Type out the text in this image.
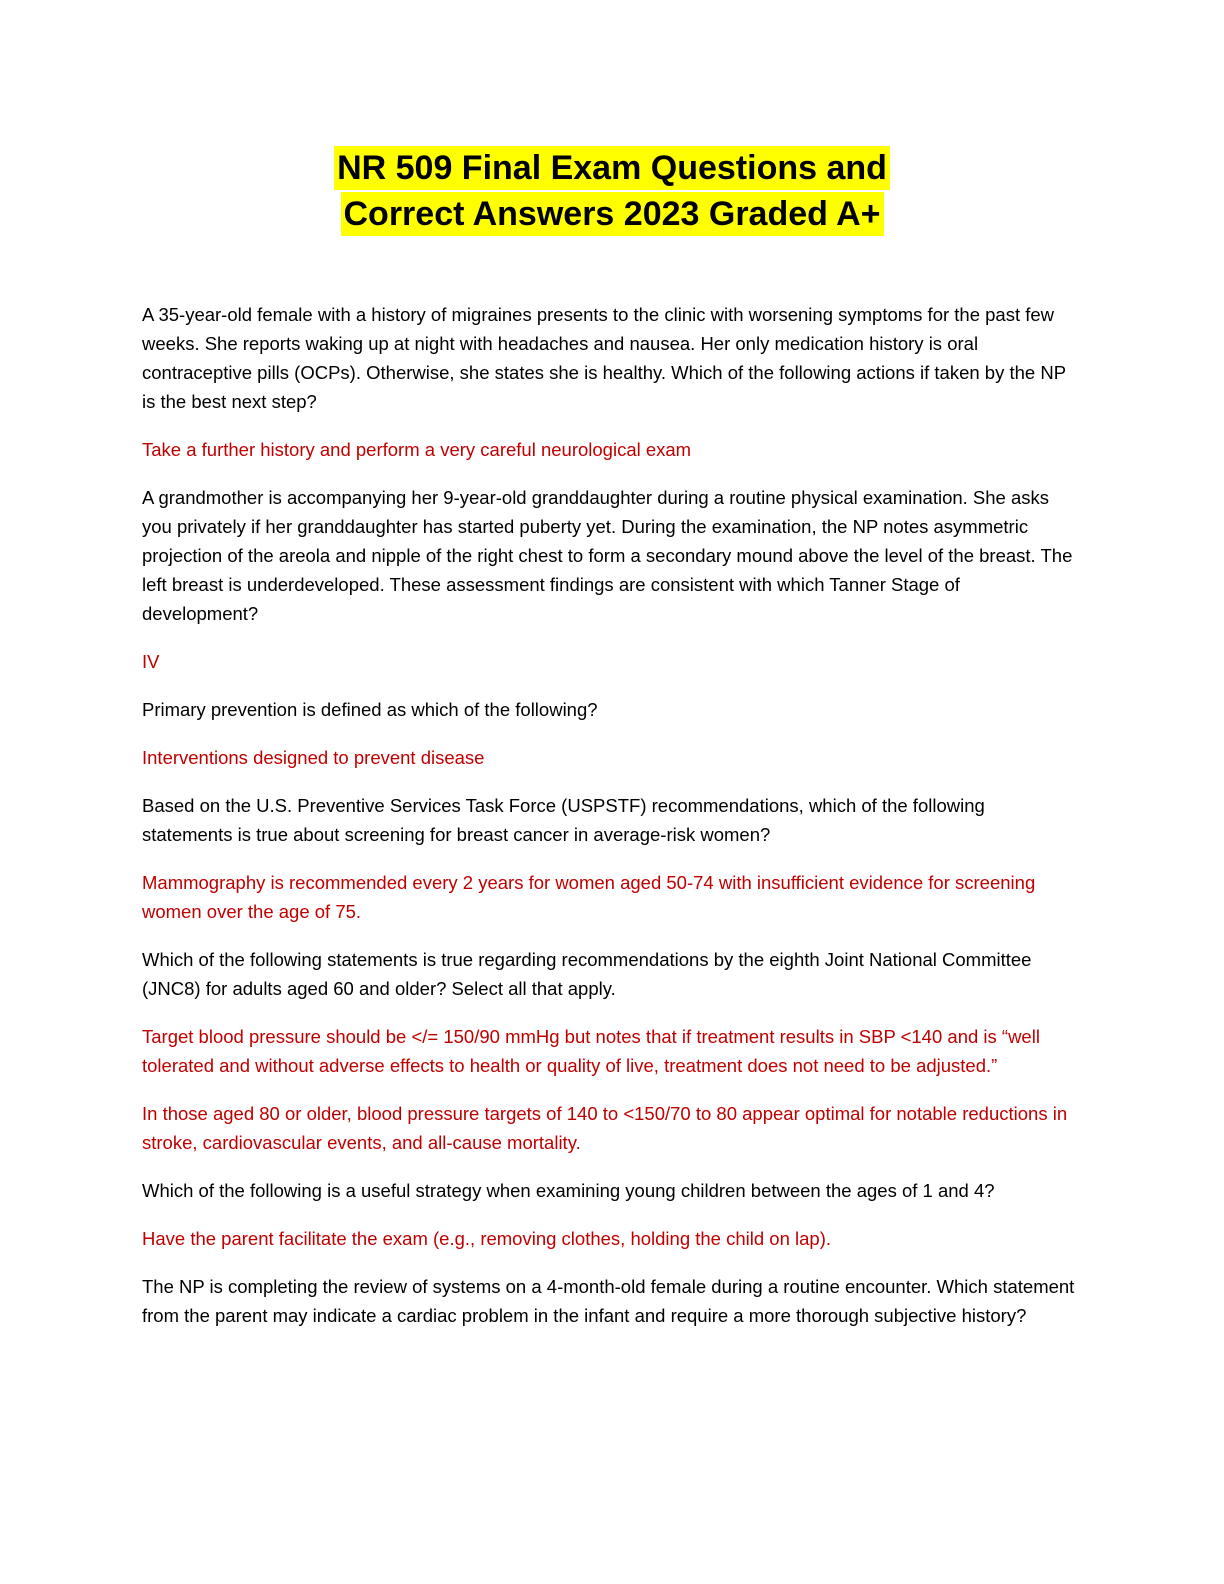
NR 509 Final Exam Questions and
Correct Answers 2023 Graded A+

A 35-year-old female with a history of migraines presents to the clinic with worsening symptoms for the past few weeks. She reports waking up at night with headaches and nausea. Her only medication history is oral contraceptive pills (OCPs). Otherwise, she states she is healthy. Which of the following actions if taken by the NP is the best next step?

Take a further history and perform a very careful neurological exam

A grandmother is accompanying her 9-year-old granddaughter during a routine physical examination. She asks you privately if her granddaughter has started puberty yet. During the examination, the NP notes asymmetric projection of the areola and nipple of the right chest to form a secondary mound above the level of the breast. The left breast is underdeveloped. These assessment findings are consistent with which Tanner Stage of development?

IV

Primary prevention is defined as which of the following?

Interventions designed to prevent disease

Based on the U.S. Preventive Services Task Force (USPSTF) recommendations, which of the following statements is true about screening for breast cancer in average-risk women?

Mammography is recommended every 2 years for women aged 50-74 with insufficient evidence for screening women over the age of 75.

Which of the following statements is true regarding recommendations by the eighth Joint National Committee (JNC8) for adults aged 60 and older? Select all that apply.

Target blood pressure should be </= 150/90 mmHg but notes that if treatment results in SBP <140 and is “well tolerated and without adverse effects to health or quality of live, treatment does not need to be adjusted.”

In those aged 80 or older, blood pressure targets of 140 to <150/70 to 80 appear optimal for notable reductions in stroke, cardiovascular events, and all-cause mortality.

Which of the following is a useful strategy when examining young children between the ages of 1 and 4?

Have the parent facilitate the exam (e.g., removing clothes, holding the child on lap).

The NP is completing the review of systems on a 4-month-old female during a routine encounter. Which statement from the parent may indicate a cardiac problem in the infant and require a more thorough subjective history?
